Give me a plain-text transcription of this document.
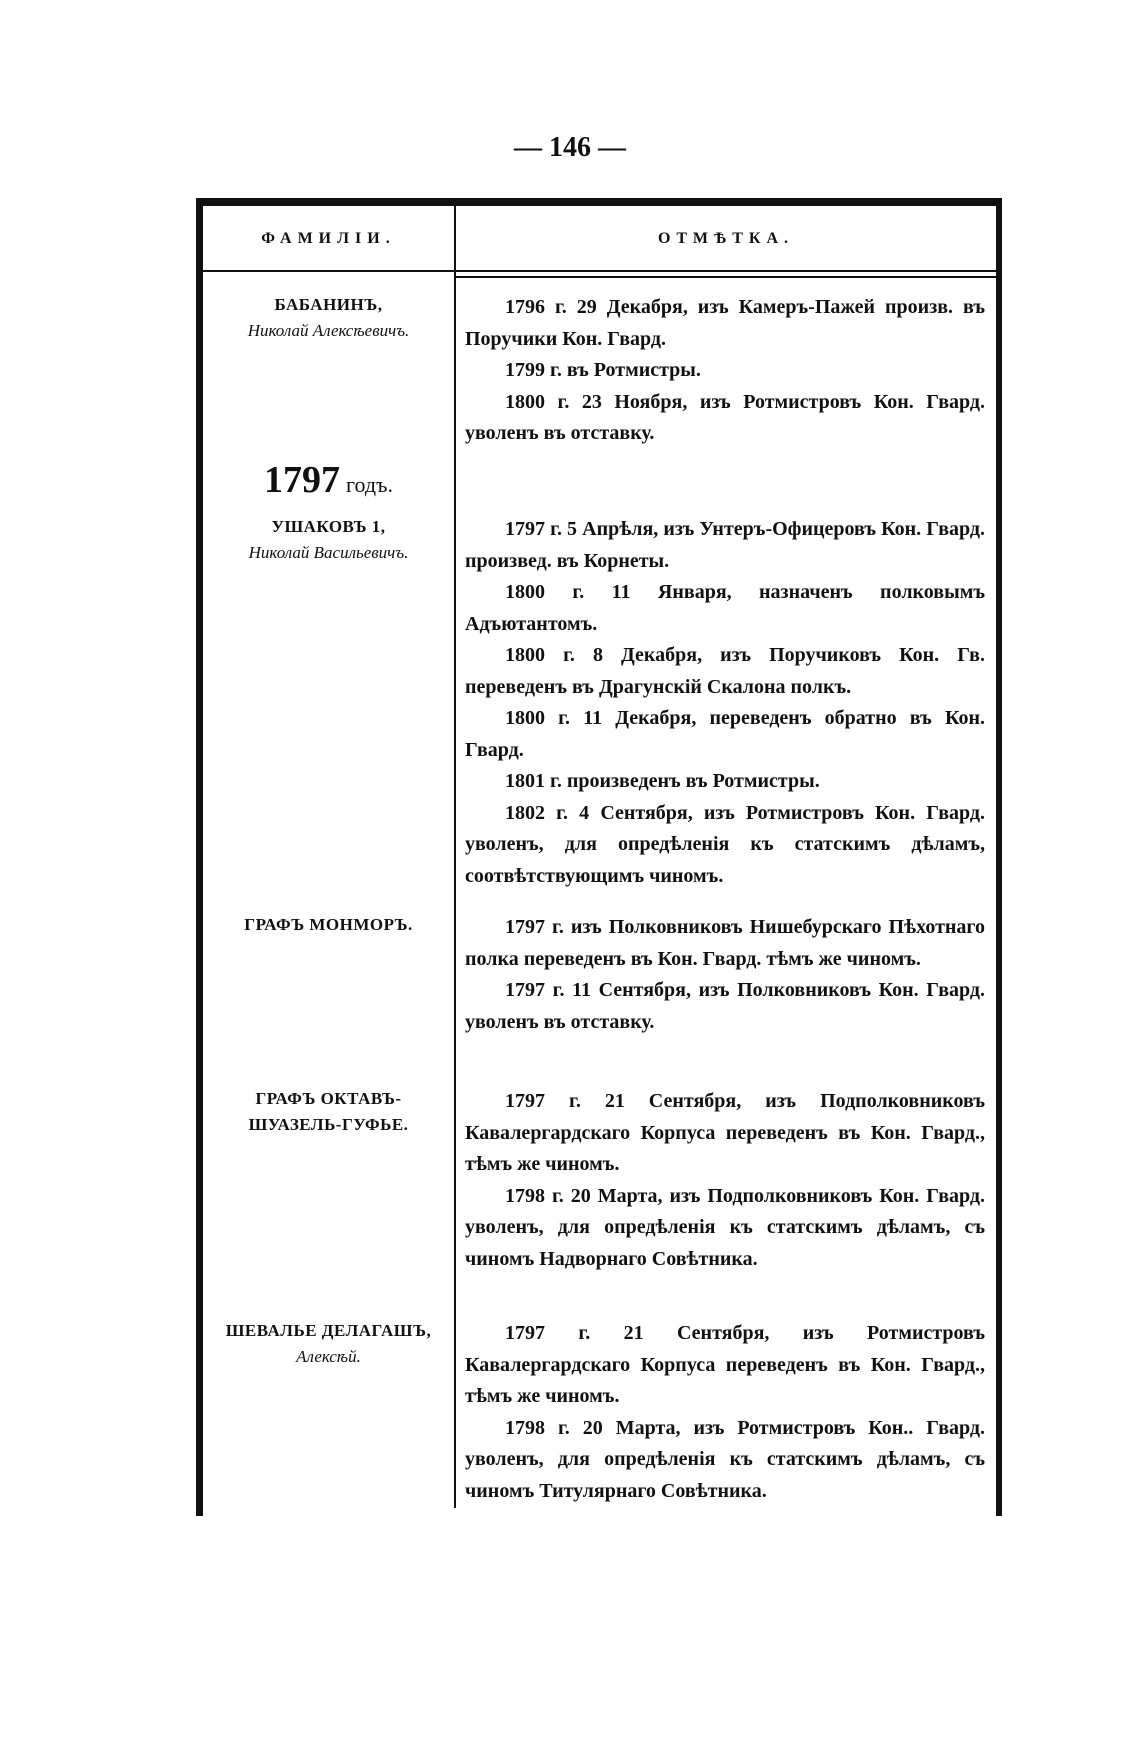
— 146 —
ФАМИЛІИ.	ОТМѢТКА.
БАБАНИНЪ,
Николай Алексѣевичъ.

1796 г. 29 Декабря, изъ Камеръ-Пажей произв. въ Поручики Кон. Гвард.

1799 г. въ Ротмистры.

1800 г. 23 Ноября, изъ Ротмистровъ Кон. Гвард. уволенъ въ отставку.

1797 годъ.
УШАКОВЪ 1,
Николай Васильевичъ.

1797 г. 5 Апрѣля, изъ Унтеръ-Офицеровъ Кон. Гвард. произвед. въ Корнеты.

1800 г. 11 Января, назначенъ полковымъ Адъютантомъ.

1800 г. 8 Декабря, изъ Поручиковъ Кон. Гв. переведенъ въ Драгунскій Скалона полкъ.

1800 г. 11 Декабря, переведенъ обратно въ Кон. Гвард.

1801 г. произведенъ въ Ротмистры.

1802 г. 4 Сентября, изъ Ротмистровъ Кон. Гвард. уволенъ, для опредѣленія къ статскимъ дѣламъ, соотвѣтствующимъ чиномъ.

ГРАФЪ МОНМОРЪ.	1797 г. изъ Полковниковъ Нишебурскаго Пѣхотнаго полка переведенъ въ Кон. Гвард. тѣмъ же чиномъ.

1797 г. 11 Сентября, изъ Полковниковъ Кон. Гвард. уволенъ въ отставку.

ГРАФЪ ОКТАВЪ-ШУАЗЕЛЬ-ГУФЬЕ.

1797 г. 21 Сентября, изъ Подполковниковъ Кавалергардскаго Корпуса переведенъ въ Кон. Гвард., тѣмъ же чиномъ.

1798 г. 20 Марта, изъ Подполковниковъ Кон. Гвард. уволенъ, для опредѣленія къ статскимъ дѣламъ, съ чиномъ Надворнаго Совѣтника.

ШЕВАЛЬЕ ДЕЛАГАШЪ,
Алексѣй.

1797 г. 21 Сентября, изъ Ротмистровъ Кавалергардскаго Корпуса переведенъ въ Кон. Гвард., тѣмъ же чиномъ.

1798 г. 20 Марта, изъ Ротмистровъ Кон.. Гвард. уволенъ, для опредѣленія къ статскимъ дѣламъ, съ чиномъ Титулярнаго Совѣтника.
